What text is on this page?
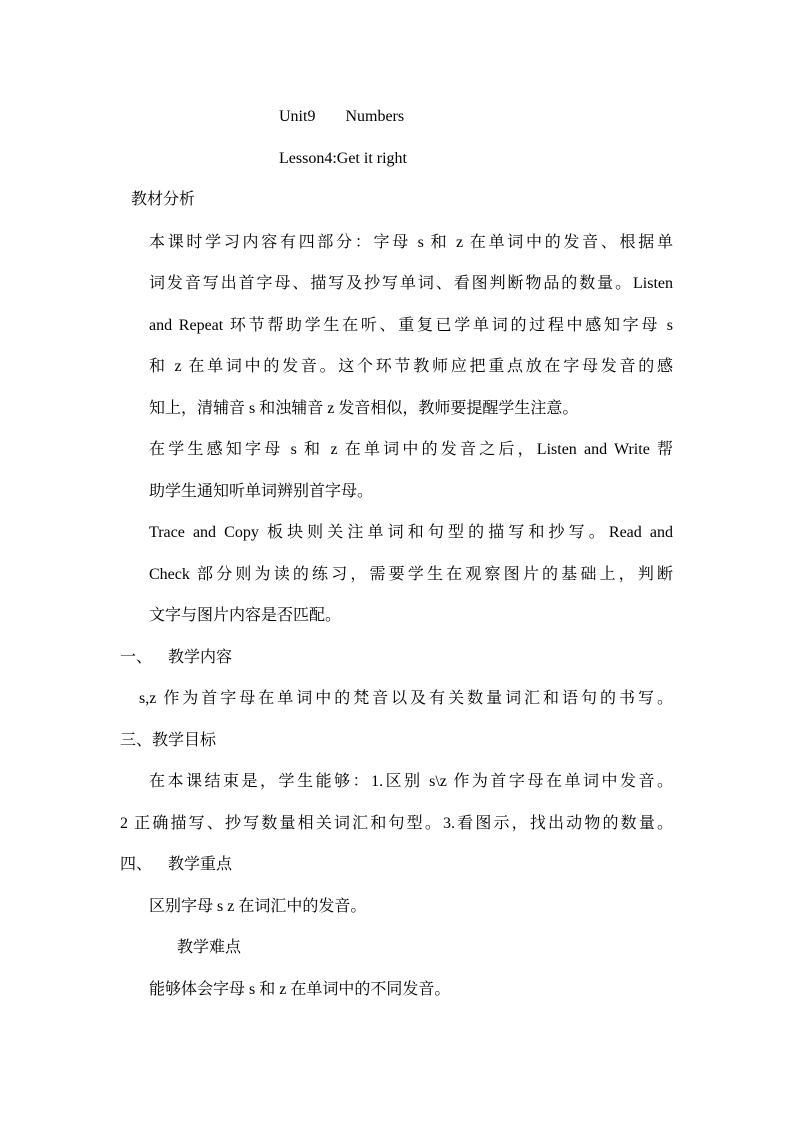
Unit9 Numbers
Lesson4:Get it right
教材分析
本课时学习内容有四部分：字母 s 和 z 在单词中的发音、根据单
词发音写出首字母、描写及抄写单词、看图判断物品的数量。Listen
and Repeat 环节帮助学生在听、重复已学单词的过程中感知字母 s
和 z 在单词中的发音。这个环节教师应把重点放在字母发音的感
知上，清辅音 s 和浊辅音 z 发音相似，教师要提醒学生注意。
在学生感知字母 s 和 z 在单词中的发音之后，Listen and Write 帮
助学生通知听单词辨别首字母。
Trace and Copy 板块则关注单词和句型的描写和抄写。Read and
Check 部分则为读的练习，需要学生在观察图片的基础上，判断
文字与图片内容是否匹配。
一、    教学内容
s,z 作为首字母在单词中的梵音以及有关数量词汇和语句的书写。
三、教学目标
在本课结束是，学生能够：1.区别 s\z 作为首字母在单词中发音。
2 正确描写、抄写数量相关词汇和句型。3.看图示，找出动物的数量。
四、    教学重点
区别字母 s z 在词汇中的发音。
教学难点
能够体会字母 s 和 z 在单词中的不同发音。
